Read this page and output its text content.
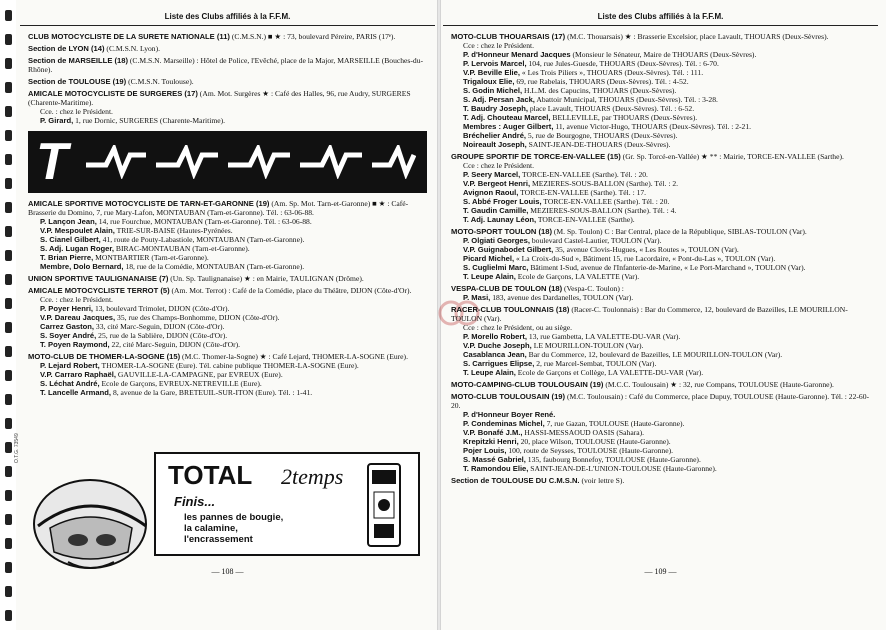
Liste des Clubs affiliés à la F.F.M.

CLUB MOTOCYCLISTE DE LA SURETE NATIONALE (11) (C.M.S.N.) ■ ★ : 73, boulevard Péreire, PARIS (17ᵉ).

Section de LYON (14) (C.M.S.N. Lyon).

Section de MARSEILLE (18) (C.M.S.N. Marseille) : Hôtel de Police, l'Evêché, place de la Major, MARSEILLE (Bouches-du-Rhône).

Section de TOULOUSE (19) (C.M.S.N. Toulouse).

AMICALE MOTOCYCLISTE DE SURGERES (17) (Am. Mot. Surgères ★ : Café des Halles, 96, rue Audry, SURGERES (Charente-Maritime).

Cce. : chez le Président.

P. Girard, 1, rue Dornic, SURGERES (Charente-Maritime).

T

AMICALE SPORTIVE MOTOCYCLISTE DE TARN-ET-GARONNE (19) (Am. Sp. Mot. Tarn-et-Garonne) ■ ★ : Café-Brasserie du Domino, 7, rue Mary-Lafon, MONTAUBAN (Tarn-et-Garonne). Tél. : 63-06-88.

P. Lançon Jean, 14, rue Fourchue, MONTAUBAN (Tarn-et-Garonne). Tél. : 63-06-88.

V.P. Mespoulet Alain, TRIE-SUR-BAISE (Hautes-Pyrénées.

S. Cianel Gilbert, 41, route de Pouty-Labastiole, MONTAUBAN (Tarn-et-Garonne).

S. Adj. Lugan Roger, BIRAC-MONTAUBAN (Tarn-et-Garonne).

T. Brian Pierre, MONTBARTIER (Tarn-et-Garonne).

Membre, Dolo Bernard, 18, rue de la Comédie, MONTAUBAN (Tarn-et-Garonne).

UNION SPORTIVE TAULIGNANAISE (7) (Un. Sp. Taulignanaise) ★ : en Mairie, TAULIGNAN (Drôme).

AMICALE MOTOCYCLISTE TERROT (5) (Am. Mot. Terrot) : Café de la Comédie, place du Théâtre, DIJON (Côte-d'Or).

Cce. : chez le Président.

P. Poyer Henri, 13, boulevard Trimolet, DIJON (Côte-d'Or).

V.P. Dareau Jacques, 35, rue des Champs-Bonhomme, DIJON (Côte-d'Or).

Carrez Gaston, 33, cité Marc-Seguin, DIJON (Côte-d'Or).

S. Soyer André, 25, rue de la Sablière, DIJON (Côte-d'Or).

T. Poyen Raymond, 22, cité Marc-Seguin, DIJON (Côte-d'Or).

MOTO-CLUB DE THOMER-LA-SOGNE (15) (M.C. Thomer-la-Sogne) ★ : Café Lejard, THOMER-LA-SOGNE (Eure).

P. Lejard Robert, THOMER-LA-SOGNE (Eure). Tél. cabine publique THOMER-LA-SOGNE (Eure).

V.P. Carraro Raphaël, GAUVILLE-LA-CAMPAGNE, par EVREUX (Eure).

S. Léchat André, Ecole de Garçons, EVREUX-NETREVILLE (Eure).

T. Lancelle Armand, 8, avenue de la Gare, BRETEUIL-SUR-ITON (Eure). Tél. : 1-41.

TOTAL 2temps
Finis...
les pannes de bougie,
la calamine,
l'encrassement
O.T.G. 73549
— 108 —
Liste des Clubs affiliés à la F.F.M.

MOTO-CLUB THOUARSAIS (17) (M.C. Thouarsais) ★ : Brasserie Excelsior, place Lavault, THOUARS (Deux-Sèvres).

Cce : chez le Président.

P. d'Honneur Menard Jacques (Monsieur le Sénateur, Maire de THOUARS (Deux-Sèvres).

P. Lervois Marcel, 104, rue Jules-Guesde, THOUARS (Deux-Sèvres). Tél. : 6-70.

V.P. Beville Elie, « Les Trois Piliers », THOUARS (Deux-Sèvres). Tél. : 111.

Trigaloux Elie, 69, rue Rabelais, THOUARS (Deux-Sèvres). Tél. : 4-52.

S. Godin Michel, H.L.M. des Capucins, THOUARS (Deux-Sèvres).

S. Adj. Persan Jack, Abattoir Municipal, THOUARS (Deux-Sèvres). Tél. : 3-28.

T. Baudry Joseph, place Lavault, THOUARS (Deux-Sèvres). Tél. : 6-52.

T. Adj. Chouteau Marcel, BELLEVILLE, par THOUARS (Deux-Sèvres).

Membres : Auger Gilbert, 11, avenue Victor-Hugo, THOUARS (Deux-Sèvres). Tél. : 2-21.

Bréchelier André, 5, rue de Bourgogne, THOUARS (Deux-Sèvres).

Noireault Joseph, SAINT-JEAN-DE-THOUARS (Deux-Sèvres).

GROUPE SPORTIF DE TORCE-EN-VALLEE (15) (Gr. Sp. Torcé-en-Vallée) ★ ** : Mairie, TORCE-EN-VALLEE (Sarthe).

Cce : chez le Président.

P. Seery Marcel, TORCE-EN-VALLEE (Sarthe). Tél. : 20.

V.P. Bergeot Henri, MEZIERES-SOUS-BALLON (Sarthe). Tél. : 2.

Avignon Raoul, TORCE-EN-VALLEE (Sarthe). Tél. : 17.

S. Abbé Froger Louis, TORCE-EN-VALLEE (Sarthe). Tél. : 20.

T. Gaudin Camille, MEZIERES-SOUS-BALLON (Sarthe). Tél. : 4.

T. Adj. Launay Léon, TORCE-EN-VALLEE (Sarthe).

MOTO-SPORT TOULON (18) (M. Sp. Toulon) C : Bar Central, place de la République, SIBLAS-TOULON (Var).

P. Olgiati Georges, boulevard Castel-Lautier, TOULON (Var).

V.P. Guignabodet Gilbert, 35, avenue Clovis-Hugues, « Les Routes », TOULON (Var).

Picard Michel, « La Croix-du-Sud », Bâtiment 15, rue Lacordaire, « Pont-du-Las », TOULON (Var).

S. Cuglielmi Marc, Bâtiment I-Sud, avenue de l'Infanterie-de-Marine, « Le Port-Marchand », TOULON (Var).

T. Leupe Alain, Ecole de Garçons, LA VALETTE (Var).

VESPA-CLUB DE TOULON (18) (Vespa-C. Toulon) :

P. Masi, 183, avenue des Dardanelles, TOULON (Var).

RACER-CLUB TOULONNAIS (18) (Racer-C. Toulonnais) : Bar du Commerce, 12, boulevard de Bazeilles, LE MOURILLON-TOULON (Var).

Cce : chez le Président, ou au siège.

P. Morello Robert, 13, rue Gambetta, LA VALETTE-DU-VAR (Var).

V.P. Duche Joseph, LE MOURILLON-TOULON (Var).

Casablanca Jean, Bar du Commerce, 12, boulevard de Bazeilles, LE MOURILLON-TOULON (Var).

S. Carrigues Elipse, 2, rue Marcel-Sembat, TOULON (Var).

T. Leupe Alain, Ecole de Garçons et Collège, LA VALETTE-DU-VAR (Var).

MOTO-CAMPING-CLUB TOULOUSAIN (19) (M.C.C. Toulousain) ★ : 32, rue Compans, TOULOUSE (Haute-Garonne).

MOTO-CLUB TOULOUSAIN (19) (M.C. Toulousain) : Café du Commerce, place Dupuy, TOULOUSE (Haute-Garonne). Tél. : 22-60-20.

P. d'Honneur Boyer René.

P. Condeminas Michel, 7, rue Gazan, TOULOUSE (Haute-Garonne).

V.P. Bonafé J.M., HASSI-MESSAOUD OASIS (Sahara).

Krepitzki Henri, 20, place Wilson, TOULOUSE (Haute-Garonne).

Pojer Louis, 100, route de Seysses, TOULOUSE (Haute-Garonne).

S. Massé Gabriel, 135, faubourg Bonnefoy, TOULOUSE (Haute-Garonne).

T. Ramondou Elie, SAINT-JEAN-DE-L'UNION-TOULOUSE (Haute-Garonne).

Section de TOULOUSE DU C.M.S.N. (voir lettre S).

— 109 —
